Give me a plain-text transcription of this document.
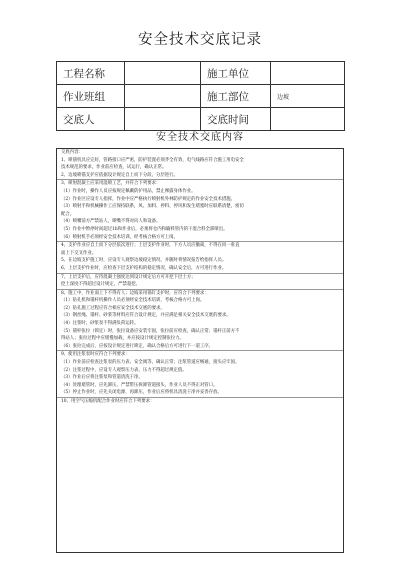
安全技术交底记录
工程名称		施工单位	
作业班组		施工部位	边坡
交底人		交底时间	
安全技术交底内容
交底内容：
1、喷锚机具应完好，管路接口应严密，防护装置必须齐全有效，电气线路应符合施工用电安全
技术规范的要求，作业前应检查，试运行，确认正常。
2、边坡喷锚支护应依据设计规定自上而下分段、分层进行。
3、喷射混凝土应采用湿喷工艺，并符合下列要求：
（1）作业时，操作人员应按规定佩戴防护用品，禁止裸露身体作业。
（2）作业区应设专人指挥，作业中应严格执行喷射机外林防护规定的作业安全技术措施。
（3）喷射手和机械操作工应保持联系，风、加料、停料、停风和发生堵塞时应联系清楚，密切
配合。
（4）喷嘴前方严禁站人，喷嘴不得对向人和设备。
（5）作业中暂停时间超过1h和作业后，必须将仓内和输料管内的干混合料全部喷出。
（6）喷射机手必须经安全技术培训，经考核合格方可上岗。
4、支护作业应自上而下分层依次进行；上层支护作业时，下方人员应撤离，不得在同一垂直
面上下交叉作业。
5、在边坡支护施工时，应设专人观察边坡稳定情况，并随时将情况报告给指挥人员。
6、上层支护作业时，应检查下层支护结构的稳定情况，确认安全后，方可进行作业。
7、上层支护后，应待混凝土强度达到设计规定后方可开挖下层土方；
挖土深度不得超过设计规定，严禁超挖。
8、施工中，作业面上下不得有人；边坡采用锚钉支护时，应符合下列要求：
（1）钻孔机和锚杆机操作人员必须经安全技术培训，考核合格方可上岗。
（2）钻孔施工过程应符合相应安全技术交底的要求。
（3）钢丝绳、锚杆、砂浆等材料应符合设计规定，并应满足相关安全技术交底的要求。
（4）注浆时，砂浆泵不得满负荷运转。
（5）锚杆张拉（锁定）时，张拉设备应安装牢固，张拉前应检查，确认正常；锚杆正前方不
得站人；张拉过程中应缓慢加载，并应按设计规定控制张拉力。
（6）张拉完成后，应按设计规定进行锁定，确认合格后方可进行下一道工序。
9、使用注浆泵时应符合下列要求：
（1）作业前应检查注浆泵的压力表、安全阀等，确认正常；注浆管道应畅通，接头应牢固。
（2）注浆过程中，应设专人观察压力表，压力不得超过规定值。
（3）作业后应将注浆泵和管道清洗干净。
（4）处理堵管时，应先卸压，严禁带压拆卸管道接头，作业人员不得正对管口。
（5）停止作业时，应先关闭电源，再卸压，作业后应将机具清洗干净并妥善存放。
10、用空气压缩机配合作业时应符合下列要求：
